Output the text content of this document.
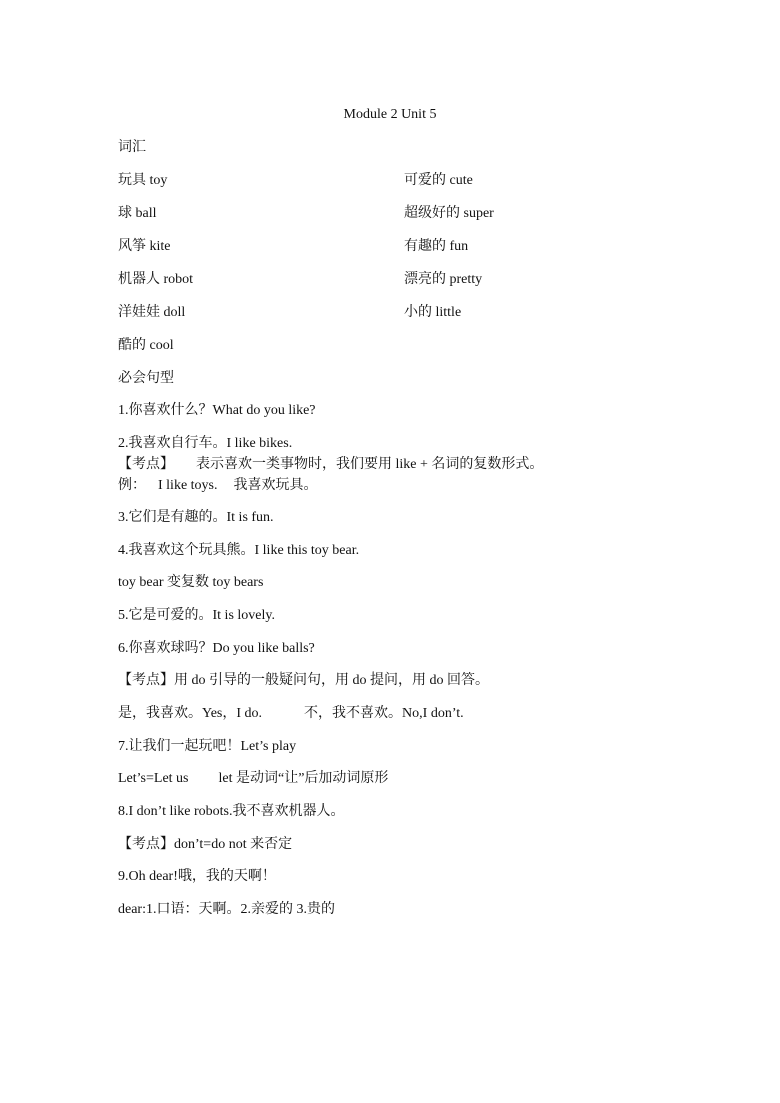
Module 2 Unit 5
词汇
玩具 toy	可爱的 cute
球 ball	超级好的 super
风筝 kite	有趣的 fun
机器人 robot	漂亮的 pretty
洋娃娃 doll	小的 little
酷的 cool
必会句型
1.你喜欢什么？What do you like?
2.我喜欢自行车。I like bikes.
【考点】 表示喜欢一类事物时，我们要用 like + 名词的复数形式。
例： I like toys. 我喜欢玩具。
3.它们是有趣的。It is fun.
4.我喜欢这个玩具熊。I like this toy bear.
toy bear 变复数 toy bears
5.它是可爱的。It is lovely.
6.你喜欢球吗？Do you like balls?
【考点】用 do 引导的一般疑问句，用 do 提问，用 do 回答。
是，我喜欢。Yes，I do.	不，我不喜欢。No,I don’t.
7.让我们一起玩吧！Let’s play
Let’s=Let us let 是动词“让”后加动词原形
8.I don’t like robots.我不喜欢机器人。
【考点】don’t=do not 来否定
9.Oh dear!哦，我的天啊！
dear:1.口语：天啊。2.亲爱的 3.贵的
